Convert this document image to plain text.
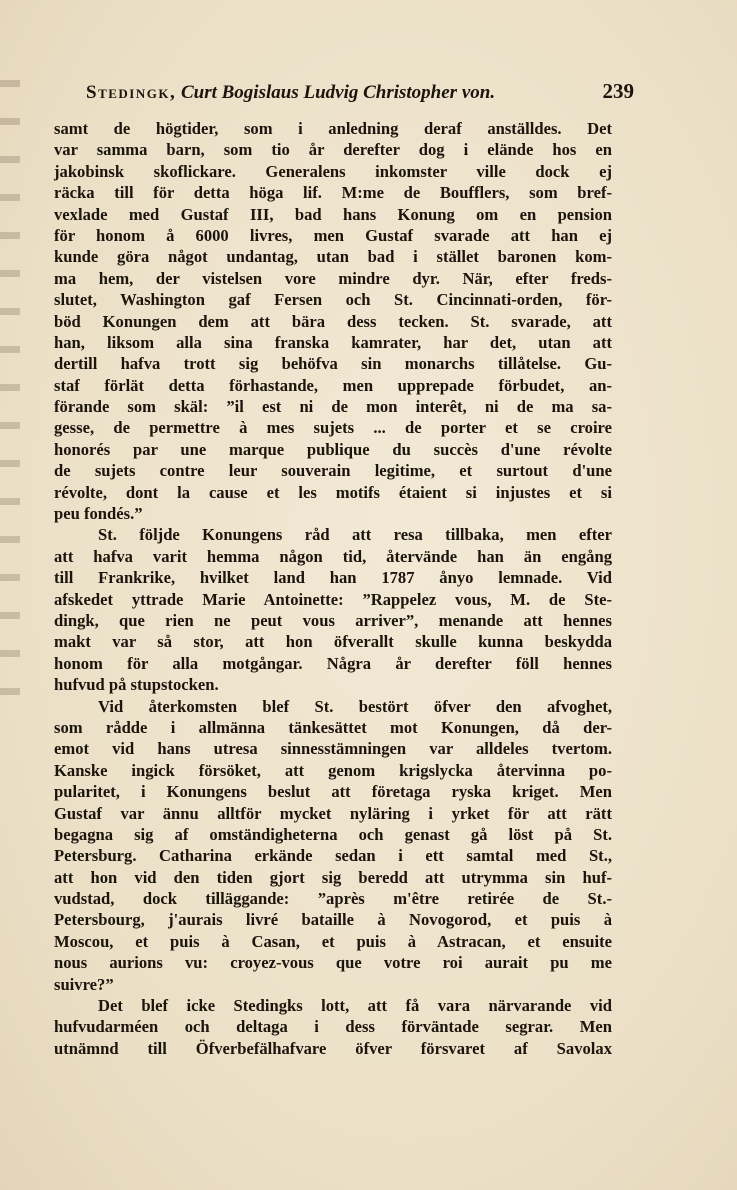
Stedingk, Curt Bogislaus Ludvig Christopher von.	239
samt de högtider, som i anledning deraf anställdes. Det
var samma barn, som tio år derefter dog i elände hos en
jakobinsk skoflickare. Generalens inkomster ville dock ej
räcka till för detta höga lif. M:me de Boufflers, som bref-
vexlade med Gustaf III, bad hans Konung om en pension
för honom å 6000 livres, men Gustaf svarade att han ej
kunde göra något undantag, utan bad i stället baronen kom-
ma hem, der vistelsen vore mindre dyr. När, efter freds-
slutet, Washington gaf Fersen och St. Cincinnati-orden, för-
böd Konungen dem att bära dess tecken. St. svarade, att
han, liksom alla sina franska kamrater, har det, utan att
dertill hafva trott sig behöfva sin monarchs tillåtelse. Gu-
staf förlät detta förhastande, men upprepade förbudet, an-
förande som skäl: ”il est ni de mon interêt, ni de ma sa-
gesse, de permettre à mes sujets ... de porter et se croire
honorés par une marque publique du succès d'une révolte
de sujets contre leur souverain legitime, et surtout d'une
révolte, dont la cause et les motifs étaient si injustes et si
peu fondés.”
St. följde Konungens råd att resa tillbaka, men efter
att hafva varit hemma någon tid, återvände han än engång
till Frankrike, hvilket land han 1787 ånyo lemnade. Vid
afskedet yttrade Marie Antoinette: ”Rappelez vous, M. de Ste-
dingk, que rien ne peut vous arriver”, menande att hennes
makt var så stor, att hon öfverallt skulle kunna beskydda
honom för alla motgångar. Några år derefter föll hennes
hufvud på stupstocken.
Vid återkomsten blef St. bestört öfver den afvoghet,
som rådde i allmänna tänkesättet mot Konungen, då der-
emot vid hans utresa sinnesstämningen var alldeles tvertom.
Kanske ingick försöket, att genom krigslycka återvinna po-
pularitet, i Konungens beslut att företaga ryska kriget. Men
Gustaf var ännu alltför mycket nyläring i yrket för att rätt
begagna sig af omständigheterna och genast gå löst på St.
Petersburg. Catharina erkände sedan i ett samtal med St.,
att hon vid den tiden gjort sig beredd att utrymma sin huf-
vudstad, dock tilläggande: ”après m'être retirée de St.-
Petersbourg, j'aurais livré bataille à Novogorod, et puis à
Moscou, et puis à Casan, et puis à Astracan, et ensuite
nous aurions vu: croyez-vous que votre roi aurait pu me
suivre?”
Det blef icke Stedingks lott, att få vara närvarande vid
hufvudarméen och deltaga i dess förväntade segrar. Men
utnämnd till Öfverbefälhafvare öfver försvaret af Savolax
